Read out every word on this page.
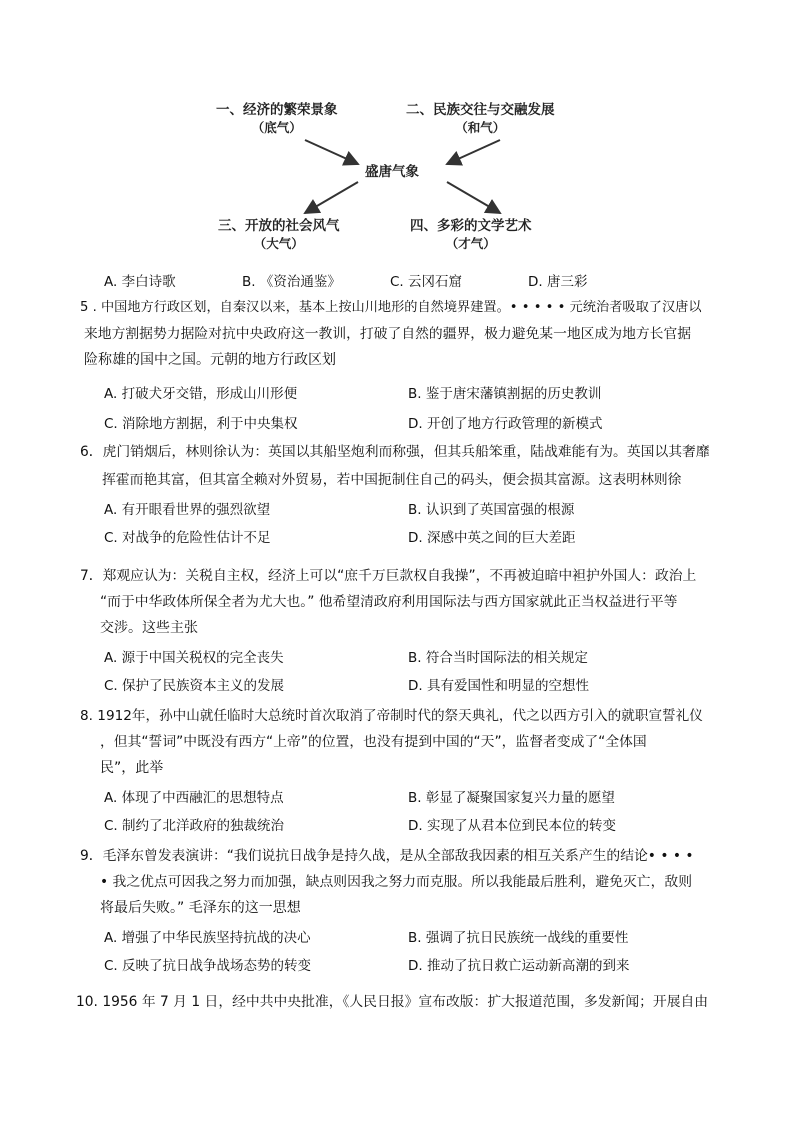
一、经济的繁荣景象
（底气）
二、民族交往与交融发展
（和气）
盛唐气象
三、开放的社会风气
（大气）
四、多彩的文学艺术
（才气）
A. 李白诗歌	B. 《资治通鉴》	C. 云冈石窟	D. 唐三彩
5 . 中国地方行政区划，自秦汉以来，基本上按山川地形的自然境界建置。• • • • • 元统治者吸取了汉唐以
来地方割据势力据险对抗中央政府这一教训，打破了自然的疆界，极力避免某一地区成为地方长官据
险称雄的国中之国。元朝的地方行政区划
A. 打破犬牙交错，形成山川形便	B. 鉴于唐宋藩镇割据的历史教训
C. 消除地方割据，利于中央集权	D. 开创了地方行政管理的新模式
6．虎门销烟后，林则徐认为：英国以其船坚炮利而称强，但其兵船笨重，陆战难能有为。英国以其奢靡
挥霍而艳其富，但其富全赖对外贸易，若中国扼制住自己的码头，便会损其富源。这表明林则徐
A. 有开眼看世界的强烈欲望	B. 认识到了英国富强的根源
C. 对战争的危险性估计不足	D. 深感中英之间的巨大差距
7．郑观应认为：关税自主权，经济上可以“庶千万巨款权自我操”，不再被迫暗中袒护外国人：政治上
“而于中华政体所保全者为尤大也。” 他希望清政府利用国际法与西方国家就此正当权益进行平等
交涉。这些主张
A. 源于中国关税权的完全丧失	B. 符合当时国际法的相关规定
C. 保护了民族资本主义的发展	D. 具有爱国性和明显的空想性
8. 1912年，孙中山就任临时大总统时首次取消了帝制时代的祭天典礼，代之以西方引入的就职宣誓礼仪
，但其“誓词”中既没有西方“上帝”的位置，也没有提到中国的“天”，监督者变成了“全体国
民”，此举
A. 体现了中西融汇的思想特点	B. 彰显了凝聚国家复兴力量的愿望
C. 制约了北洋政府的独裁统治	D. 实现了从君本位到民本位的转变
9．毛泽东曾发表演讲：“我们说抗日战争是持久战，是从全部敌我因素的相互关系产生的结论• • • •
• 我之优点可因我之努力而加强，缺点则因我之努力而克服。所以我能最后胜利，避免灭亡，敌则
将最后失败。” 毛泽东的这一思想
A. 增强了中华民族坚持抗战的决心	B. 强调了抗日民族统一战线的重要性
C. 反映了抗日战争战场态势的转变	D. 推动了抗日救亡运动新高潮的到来
10. 1956 年 7 月 1 日，经中共中央批准，《人民日报》宣布改版：扩大报道范围，多发新闻；开展自由
